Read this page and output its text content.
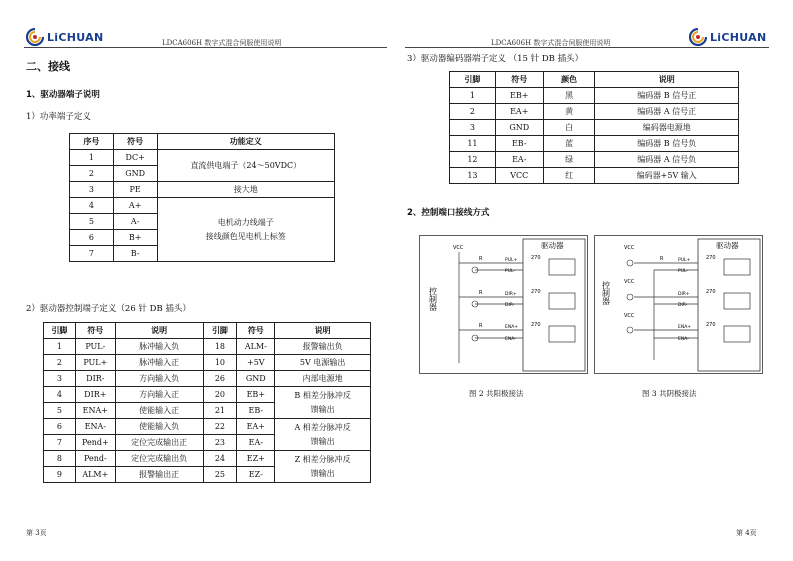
LiCHUAN	LDCA606H 数字式混合伺服使用说明
二、接线
1、驱动器端子说明
1）功率端子定义
序号	符号	功能定义
1	DC+	直流供电端子（24～50VDC）
2	GND	
3	PE	接大地
4	A+	电机动力线端子
接线颜色见电机上标签

5	A-	
6	B+	
7	B-	
2）驱动器控制端子定义（26 针 DB 插头）
引脚	符号	说明	引脚	符号	说明
1	PUL-	脉冲输入负	18	ALM-	报警输出负
2	PUL+	脉冲输入正	10	+5V	5V 电源输出
3	DIR-	方向输入负	26	GND	内部电源地
4	DIR+	方向输入正	20	EB+	B 相差分脉冲反
馈输出

5	ENA+	使能输入正	21	EB-	
6	ENA-	使能输入负	22	EA+	A 相差分脉冲反
馈输出

7	Pend+	定位完成输出正	23	EA-	
8	Pend-	定位完成输出负	24	EZ+	Z 相差分脉冲反
馈输出

9	ALM+	报警输出正	25	EZ-	
第 3页
LDCA606H 数字式混合伺服使用说明	LiCHUAN
3）驱动器编码器端子定义 （15 针 DB 插头）
引脚	符号	颜色	说明
1	EB+	黑	编码器 B 信号正
2	EA+	黄	编码器 A 信号正
3	GND	白	编码器电源地
11	EB-	蓝	编码器 B 信号负
12	EA-	绿	编码器 A 信号负
13	VCC	红	编码器+5V 输入
2、控制端口接线方式
驱动器
VCC
R
R
R
PUL+
PUL-
DIR+
DIR-
ENA+
ENA-
270
270
270
控制器
驱动器
VCC
VCC
VCC
R	PUL+
PUL-
DIR+
DIR-
ENA+
ENA-
270
270
270
控制器
图 2 共阳极接法	图 3 共阴极接法
第 4页
